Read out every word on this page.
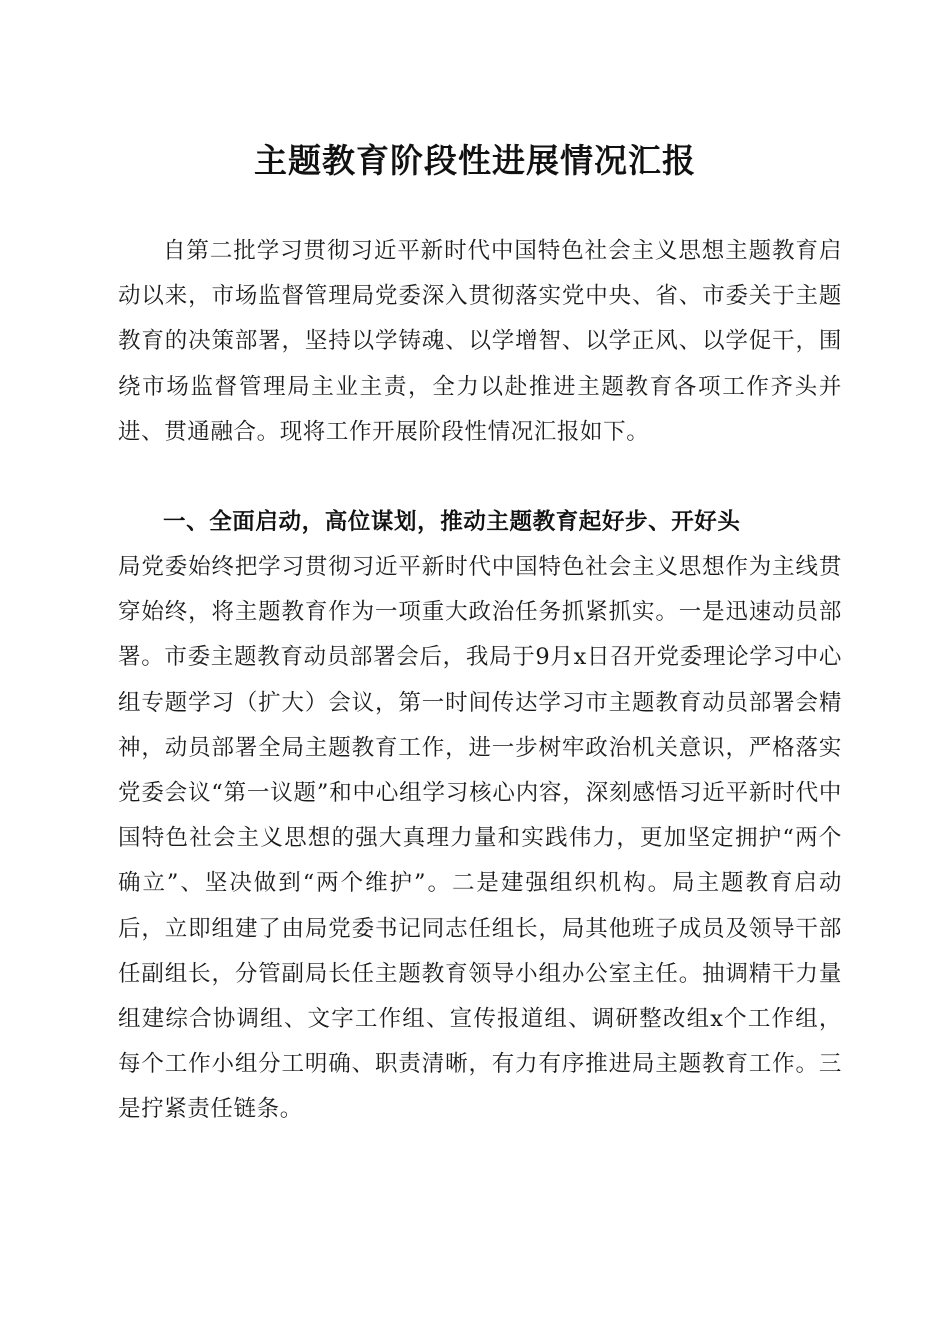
主题教育阶段性进展情况汇报

自第二批学习贯彻习近平新时代中国特色社会主义思想主题教育启动以来，市场监督管理局党委深入贯彻落实党中央、省、市委关于主题教育的决策部署，坚持以学铸魂、以学增智、以学正风、以学促干，围绕市场监督管理局主业主责，全力以赴推进主题教育各项工作齐头并进、贯通融合。现将工作开展阶段性情况汇报如下。

一、全面启动，高位谋划，推动主题教育起好步、开好头

局党委始终把学习贯彻习近平新时代中国特色社会主义思想作为主线贯穿始终，将主题教育作为一项重大政治任务抓紧抓实。一是迅速动员部署。市委主题教育动员部署会后，我局于9月x日召开党委理论学习中心组专题学习（扩大）会议，第一时间传达学习市主题教育动员部署会精神，动员部署全局主题教育工作，进一步树牢政治机关意识，严格落实党委会议“第一议题”和中心组学习核心内容，深刻感悟习近平新时代中国特色社会主义思想的强大真理力量和实践伟力，更加坚定拥护“两个确立”、坚决做到“两个维护”。二是建强组织机构。局主题教育启动后，立即组建了由局党委书记同志任组长，局其他班子成员及领导干部任副组长，分管副局长任主题教育领导小组办公室主任。抽调精干力量组建综合协调组、文字工作组、宣传报道组、调研整改组x个工作组，每个工作小组分工明确、职责清晰，有力有序推进局主题教育工作。三是拧紧责任链条。
